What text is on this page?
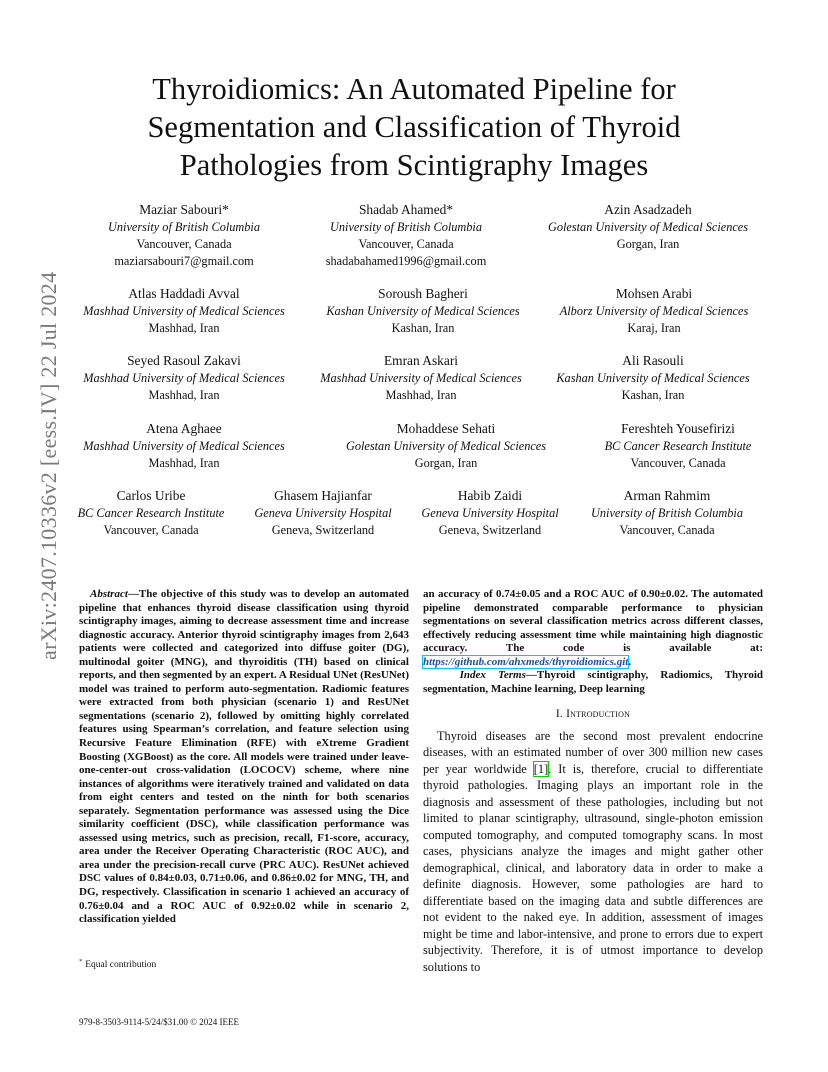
arXiv:2407.10336v2 [eess.IV] 22 Jul 2024
Thyroidiomics: An Automated Pipeline for
Segmentation and Classification of Thyroid
Pathologies from Scintigraphy Images
Maziar Sabouri*
University of British Columbia
Vancouver, Canada
maziarsabouri7@gmail.com
Shadab Ahamed*
University of British Columbia
Vancouver, Canada
shadabahamed1996@gmail.com
Azin Asadzadeh
Golestan University of Medical Sciences
Gorgan, Iran
Atlas Haddadi Avval
Mashhad University of Medical Sciences
Mashhad, Iran
Soroush Bagheri
Kashan University of Medical Sciences
Kashan, Iran
Mohsen Arabi
Alborz University of Medical Sciences
Karaj, Iran
Seyed Rasoul Zakavi
Mashhad University of Medical Sciences
Mashhad, Iran
Emran Askari
Mashhad University of Medical Sciences
Mashhad, Iran
Ali Rasouli
Kashan University of Medical Sciences
Kashan, Iran
Atena Aghaee
Mashhad University of Medical Sciences
Mashhad, Iran
Mohaddese Sehati
Golestan University of Medical Sciences
Gorgan, Iran
Fereshteh Yousefirizi
BC Cancer Research Institute
Vancouver, Canada
Carlos Uribe
BC Cancer Research Institute
Vancouver, Canada
Ghasem Hajianfar
Geneva University Hospital
Geneva, Switzerland
Habib Zaidi
Geneva University Hospital
Geneva, Switzerland
Arman Rahmim
University of British Columbia
Vancouver, Canada
Abstract—The objective of this study was to develop an automated pipeline that enhances thyroid disease classification using thyroid scintigraphy images, aiming to decrease assessment time and increase diagnostic accuracy. Anterior thyroid scintigraphy images from 2,643 patients were collected and categorized into diffuse goiter (DG), multinodal goiter (MNG), and thyroiditis (TH) based on clinical reports, and then segmented by an expert. A Residual UNet (ResUNet) model was trained to perform auto-segmentation. Radiomic features were extracted from both physician (scenario 1) and ResUNet segmentations (scenario 2), followed by omitting highly correlated features using Spearman’s correlation, and feature selection using Recursive Feature Elimination (RFE) with eXtreme Gradient Boosting (XGBoost) as the core. All models were trained under leave-one-center-out cross-validation (LOCOCV) scheme, where nine instances of algorithms were iteratively trained and validated on data from eight centers and tested on the ninth for both scenarios separately. Segmentation performance was assessed using the Dice similarity coefficient (DSC), while classification performance was assessed using metrics, such as precision, recall, F1-score, accuracy, area under the Receiver Operating Characteristic (ROC AUC), and area under the precision-recall curve (PRC AUC). ResUNet achieved DSC values of 0.84±0.03, 0.71±0.06, and 0.86±0.02 for MNG, TH, and DG, respectively. Classification in scenario 1 achieved an accuracy of 0.76±0.04 and a ROC AUC of 0.92±0.02 while in scenario 2, classification yielded
an accuracy of 0.74±0.05 and a ROC AUC of 0.90±0.02. The automated pipeline demonstrated comparable performance to physician segmentations on several classification metrics across different classes, effectively reducing assessment time while maintaining high diagnostic accuracy. The code is available at: https://github.com/ahxmeds/thyroidiomics.git.
Index Terms—Thyroid scintigraphy, Radiomics, Thyroid segmentation, Machine learning, Deep learning
I. Introduction
Thyroid diseases are the second most prevalent endocrine diseases, with an estimated number of over 300 million new cases per year worldwide [1]. It is, therefore, crucial to differentiate thyroid pathologies. Imaging plays an important role in the diagnosis and assessment of these pathologies, including but not limited to planar scintigraphy, ultrasound, single-photon emission computed tomography, and computed tomography scans. In most cases, physicians analyze the images and might gather other demographical, clinical, and laboratory data in order to make a definite diagnosis. However, some pathologies are hard to differentiate based on the imaging data and subtle differences are not evident to the naked eye. In addition, assessment of images might be time and labor-intensive, and prone to errors due to expert subjectivity. Therefore, it is of utmost importance to develop solutions to
* Equal contribution
979-8-3503-9114-5/24/$31.00 © 2024 IEEE
